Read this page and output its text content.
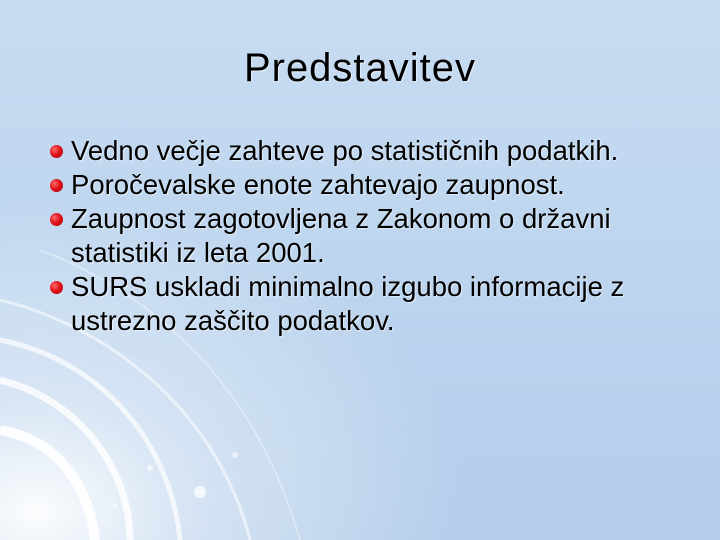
Predstavitev
Vedno večje zahteve po statističnih podatkih.
Poročevalske enote zahtevajo zaupnost.
Zaupnost zagotovljena z Zakonom o državni statistiki iz leta 2001.
SURS uskladi minimalno izgubo informacije z ustrezno zaščito podatkov.
